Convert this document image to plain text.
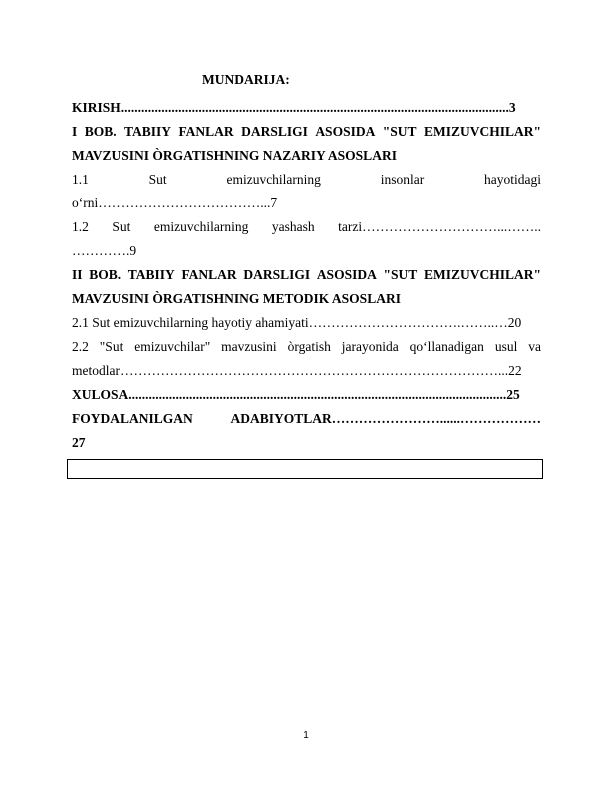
MUNDARIJA:
KIRISH...................................................................................................................3
I BOB. TABIIY FANLAR DARSLIGI ASOSIDA "SUT EMIZUVCHILAR"
MAVZUSINI ÒRGATISHNING NAZARIY ASOSLARI
1.1	Sut	emizuvchilarning	insonlar	hayotidagi
o‘rni………………………………...7
1.2 Sut emizuvchilarning yashash tarzi…………………………...……..
………….9
II BOB. TABIIY FANLAR DARSLIGI ASOSIDA "SUT EMIZUVCHILAR"
MAVZUSINI ÒRGATISHNING METODIK ASOSLARI
2.1 Sut emizuvchilarning hayotiy ahamiyati…………………………….……..…20
2.2 "Sut emizuvchilar" mavzusini òrgatish jarayonida qo‘llanadigan usul va
metodlar…………………………………………………………………………...22
XULOSA................................................................................................................25
FOYDALANILGAN	ADABIYOTLAR……………………......………………
27
1
